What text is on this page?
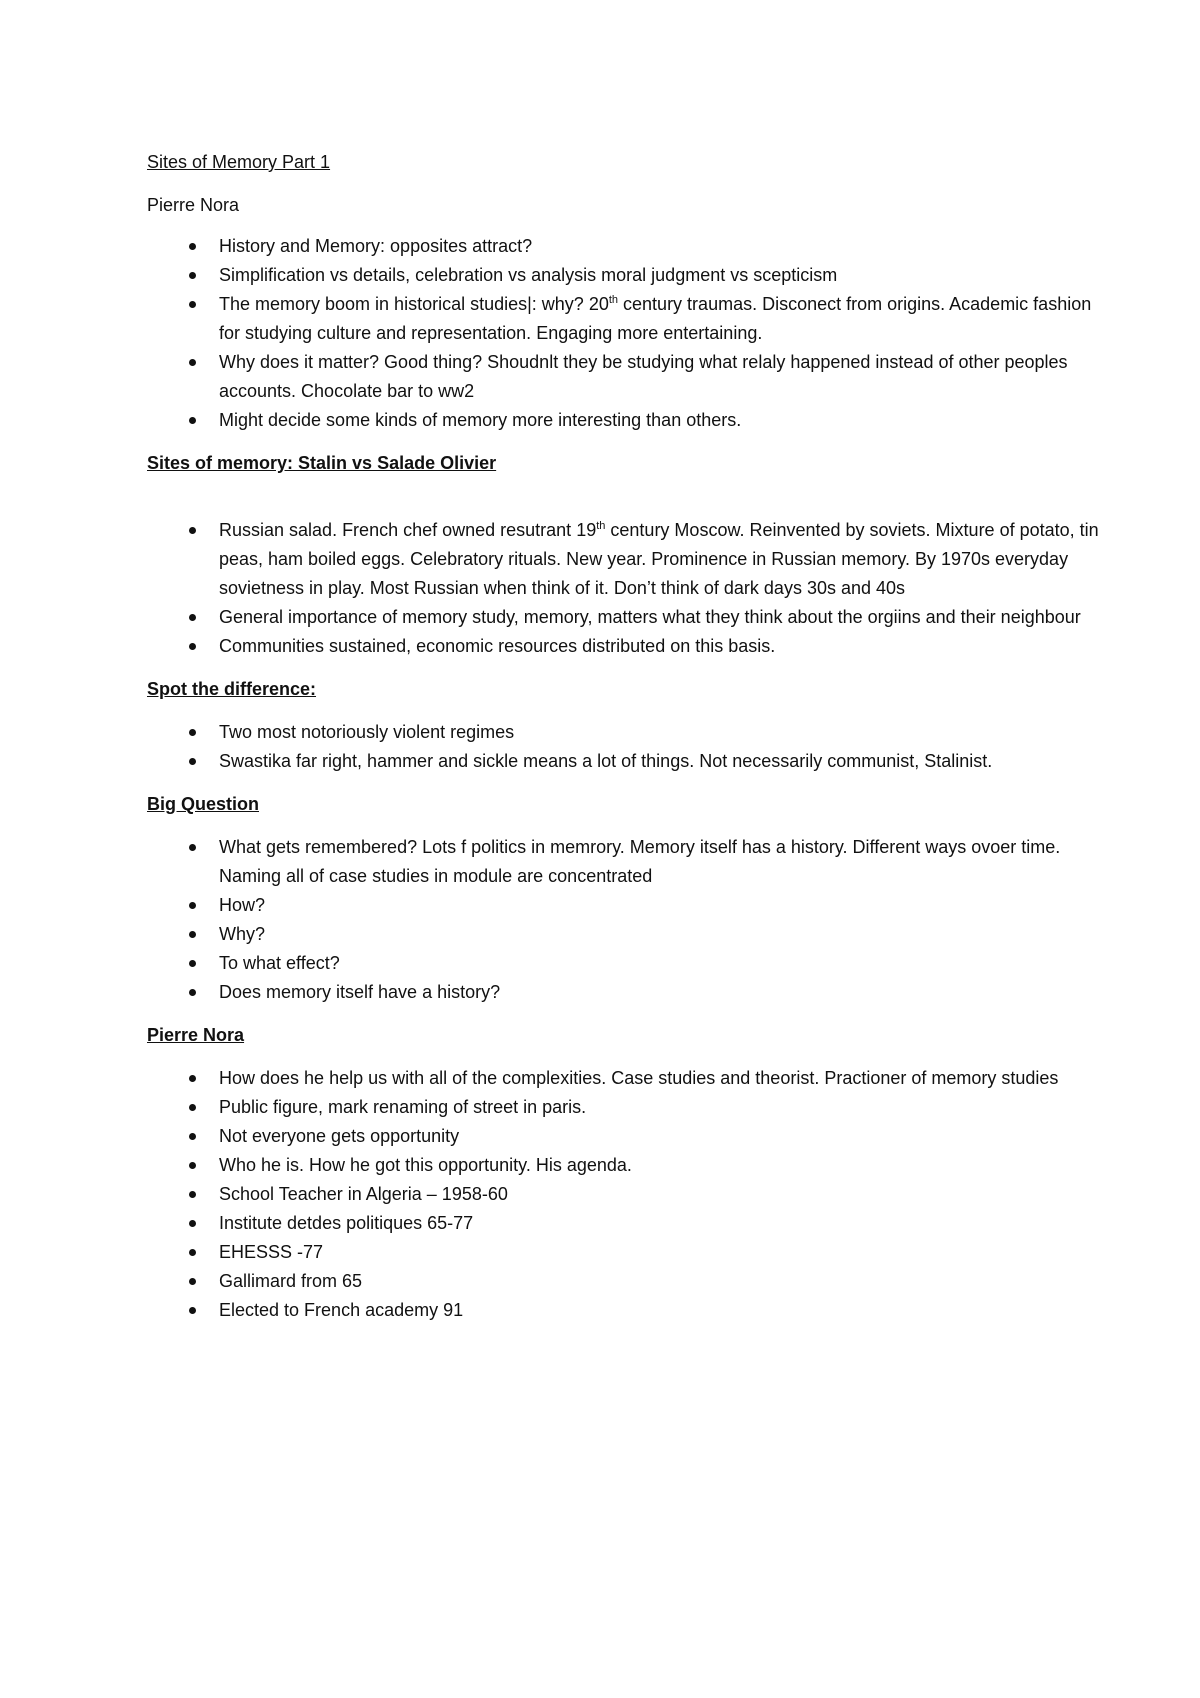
Sites of Memory Part 1

Pierre Nora

History and Memory: opposites attract?
Simplification vs details, celebration vs analysis moral judgment vs scepticism
The memory boom in historical studies|: why? 20th century traumas. Disconect from origins. Academic fashion for studying culture and representation. Engaging more entertaining.
Why does it matter? Good thing? Shoudnlt they be studying what relaly happened instead of other peoples accounts. Chocolate bar to ww2
Might decide some kinds of memory more interesting than others.

Sites of memory: Stalin vs Salade Olivier

Russian salad. French chef owned resutrant 19th century Moscow. Reinvented by soviets. Mixture of potato, tin peas, ham boiled eggs. Celebratory rituals. New year. Prominence in Russian memory. By 1970s everyday sovietness in play. Most Russian when think of it. Don’t think of dark days 30s and 40s
General importance of memory study, memory, matters what they think about the orgiins and their neighbour
Communities sustained, economic resources distributed on this basis.

Spot the difference:

Two most notoriously violent regimes
Swastika far right, hammer and sickle means a lot of things. Not necessarily communist, Stalinist.

Big Question

What gets remembered? Lots f politics in memrory. Memory itself has a history. Different ways ovoer time. Naming all of case studies in module are concentrated
How?
Why?
To what effect?
Does memory itself have a history?

Pierre Nora

How does he help us with all of the complexities. Case studies and theorist. Practioner of memory studies
Public figure, mark renaming of street in paris.
Not everyone gets opportunity
Who he is. How he got this opportunity. His agenda.
School Teacher in Algeria – 1958-60
Institute detdes politiques 65-77
EHESSS -77
Gallimard from 65
Elected to French academy 91
